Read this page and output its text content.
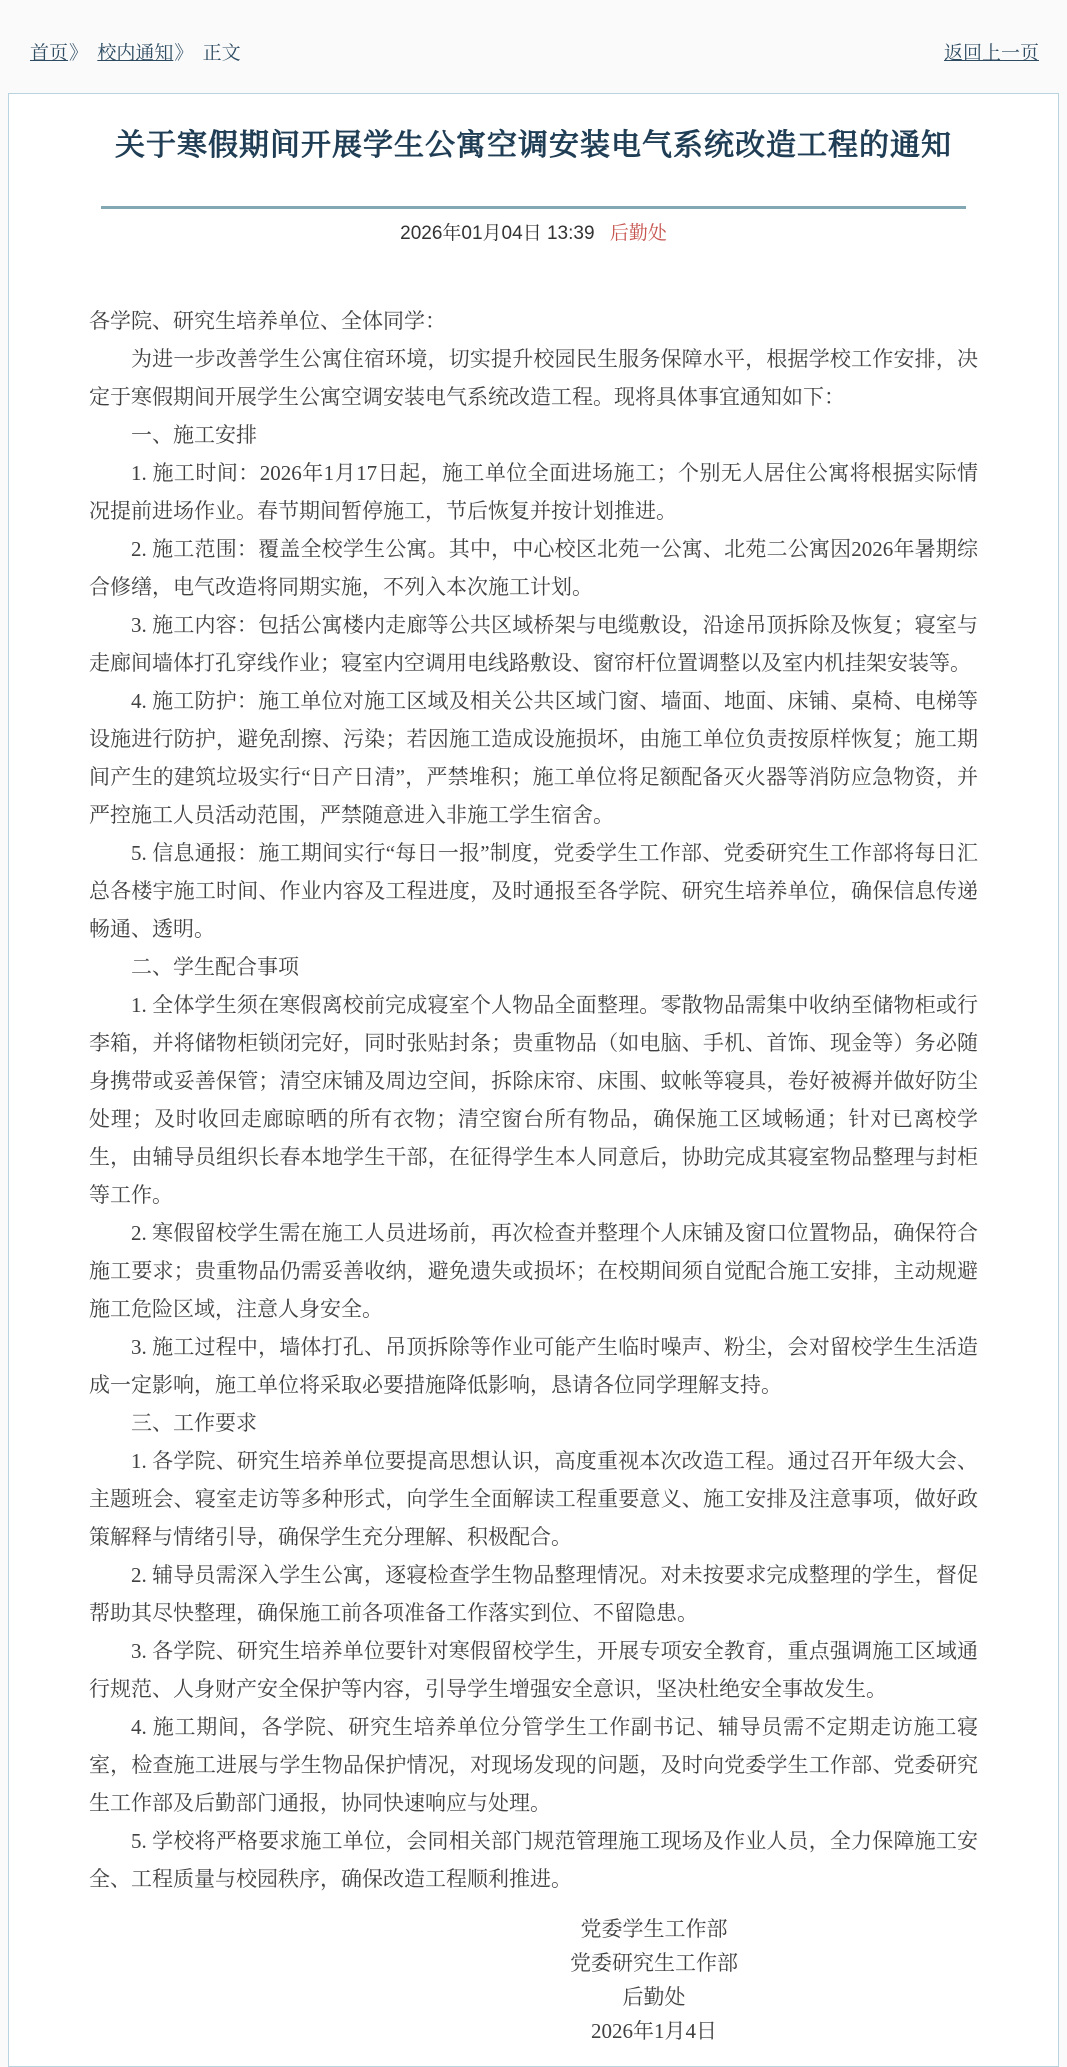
首页》 校内通知》 正文	返回上一页
关于寒假期间开展学生公寓空调安装电气系统改造工程的通知
2026年01月04日 13:39 后勤处

各学院、研究生培养单位、全体同学：

为进一步改善学生公寓住宿环境，切实提升校园民生服务保障水平，根据学校工作安排，决定于寒假期间开展学生公寓空调安装电气系统改造工程。现将具体事宜通知如下：

一、施工安排

1. 施工时间：2026年1月17日起，施工单位全面进场施工；个别无人居住公寓将根据实际情况提前进场作业。春节期间暂停施工，节后恢复并按计划推进。

2. 施工范围：覆盖全校学生公寓。其中，中心校区北苑一公寓、北苑二公寓因2026年暑期综合修缮，电气改造将同期实施，不列入本次施工计划。

3. 施工内容：包括公寓楼内走廊等公共区域桥架与电缆敷设，沿途吊顶拆除及恢复；寝室与走廊间墙体打孔穿线作业；寝室内空调用电线路敷设、窗帘杆位置调整以及室内机挂架安装等。

4. 施工防护：施工单位对施工区域及相关公共区域门窗、墙面、地面、床铺、桌椅、电梯等设施进行防护，避免刮擦、污染；若因施工造成设施损坏，由施工单位负责按原样恢复；施工期间产生的建筑垃圾实行“日产日清”，严禁堆积；施工单位将足额配备灭火器等消防应急物资，并严控施工人员活动范围，严禁随意进入非施工学生宿舍。

5. 信息通报：施工期间实行“每日一报”制度，党委学生工作部、党委研究生工作部将每日汇总各楼宇施工时间、作业内容及工程进度，及时通报至各学院、研究生培养单位，确保信息传递畅通、透明。

二、学生配合事项

1. 全体学生须在寒假离校前完成寝室个人物品全面整理。零散物品需集中收纳至储物柜或行李箱，并将储物柜锁闭完好，同时张贴封条；贵重物品（如电脑、手机、首饰、现金等）务必随身携带或妥善保管；清空床铺及周边空间，拆除床帘、床围、蚊帐等寝具，卷好被褥并做好防尘处理；及时收回走廊晾晒的所有衣物；清空窗台所有物品，确保施工区域畅通；针对已离校学生，由辅导员组织长春本地学生干部，在征得学生本人同意后，协助完成其寝室物品整理与封柜等工作。

2. 寒假留校学生需在施工人员进场前，再次检查并整理个人床铺及窗口位置物品，确保符合施工要求；贵重物品仍需妥善收纳，避免遗失或损坏；在校期间须自觉配合施工安排，主动规避施工危险区域，注意人身安全。

3. 施工过程中，墙体打孔、吊顶拆除等作业可能产生临时噪声、粉尘，会对留校学生生活造成一定影响，施工单位将采取必要措施降低影响，恳请各位同学理解支持。

三、工作要求

1. 各学院、研究生培养单位要提高思想认识，高度重视本次改造工程。通过召开年级大会、主题班会、寝室走访等多种形式，向学生全面解读工程重要意义、施工安排及注意事项，做好政策解释与情绪引导，确保学生充分理解、积极配合。

2. 辅导员需深入学生公寓，逐寝检查学生物品整理情况。对未按要求完成整理的学生，督促帮助其尽快整理，确保施工前各项准备工作落实到位、不留隐患。

3. 各学院、研究生培养单位要针对寒假留校学生，开展专项安全教育，重点强调施工区域通行规范、人身财产安全保护等内容，引导学生增强安全意识，坚决杜绝安全事故发生。

4. 施工期间，各学院、研究生培养单位分管学生工作副书记、辅导员需不定期走访施工寝室，检查施工进展与学生物品保护情况，对现场发现的问题，及时向党委学生工作部、党委研究生工作部及后勤部门通报，协同快速响应与处理。

5. 学校将严格要求施工单位，会同相关部门规范管理施工现场及作业人员，全力保障施工安全、工程质量与校园秩序，确保改造工程顺利推进。

党委学生工作部

党委研究生工作部

后勤处

2026年1月4日
